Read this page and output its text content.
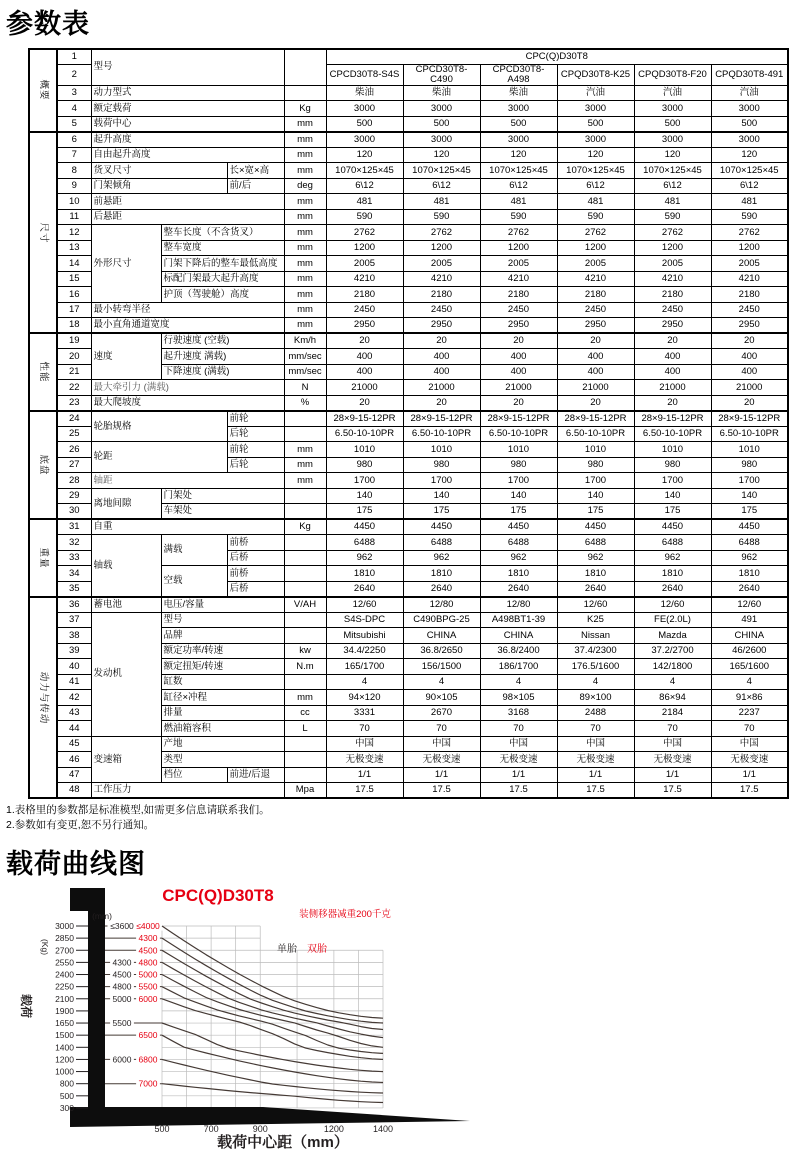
参数表
概要	1	型号				CPC(Q)D30T8					
	2					CPCD30T8-S4S	CPCD30T8-C490	CPCD30T8-A498	CPQD30T8-K25	CPQD30T8-F20	CPQD30T8-491
	3	动力型式				柴油	柴油	柴油	汽油	汽油	汽油
	4	额定载荷			Kg	3000	3000	3000	3000	3000	3000
	5	载荷中心			mm	500	500	500	500	500	500

尺寸	6	起升高度			mm	3000	3000	3000	3000	3000	3000
	7	自由起升高度			mm	120	120	120	120	120	120
	8	货叉尺寸		长×宽×高	mm	1070×125×45	1070×125×45	1070×125×45	1070×125×45	1070×125×45	1070×125×45
	9	门架倾角		前/后	deg	6\12	6\12	6\12	6\12	6\12	6\12
	10	前悬距			mm	481	481	481	481	481	481
	11	后悬距			mm	590	590	590	590	590	590
	12	外形尺寸	整车长度（不含货叉）		mm	2762	2762	2762	2762	2762	2762
	13		整车宽度		mm	1200	1200	1200	1200	1200	1200
	14		门架下降后的整车最低高度		mm	2005	2005	2005	2005	2005	2005
	15		标配门架最大起升高度		mm	4210	4210	4210	4210	4210	4210
	16		护顶（驾驶舱）高度		mm	2180	2180	2180	2180	2180	2180
	17	最小转弯半径			mm	2450	2450	2450	2450	2450	2450
	18	最小直角通道宽度			mm	2950	2950	2950	2950	2950	2950

性能	19	速度	行驶速度 (空载)		Km/h	20	20	20	20	20	20
	20		起升速度 满载)		mm/sec	400	400	400	400	400	400
	21		下降速度 (满载)		mm/sec	400	400	400	400	400	400
	22	最大牵引力 (满载)			N	21000	21000	21000	21000	21000	21000
	23	最大爬坡度			%	20	20	20	20	20	20

底盘	24	轮胎规格		前轮		28×9-15-12PR	28×9-15-12PR	28×9-15-12PR	28×9-15-12PR	28×9-15-12PR	28×9-15-12PR
	25			后轮		6.50-10-10PR	6.50-10-10PR	6.50-10-10PR	6.50-10-10PR	6.50-10-10PR	6.50-10-10PR
	26	轮距		前轮	mm	1010	1010	1010	1010	1010	1010
	27			后轮	mm	980	980	980	980	980	980
	28	轴距			mm	1700	1700	1700	1700	1700	1700
	29	离地间隙	门架处			140	140	140	140	140	140
	30		车架处			175	175	175	175	175	175

重量	31	自重			Kg	4450	4450	4450	4450	4450	4450
	32	轴载	满载	前桥		6488	6488	6488	6488	6488	6488
	33			后桥		962	962	962	962	962	962
	34		空载	前桥		1810	1810	1810	1810	1810	1810
	35			后桥		2640	2640	2640	2640	2640	2640

动力与传动	36	蓄电池	电压/容量		V/AH	12/60	12/80	12/80	12/60	12/60	12/60
	37	发动机	型号			S4S-DPC	C490BPG-25	A498BT1-39	K25	FE(2.0L)	491
	38		品牌			Mitsubishi	CHINA	CHINA	Nissan	Mazda	CHINA
	39		额定功率/转速		kw	34.4/2250	36.8/2650	36.8/2400	37.4/2300	37.2/2700	46/2600
	40		额定扭矩/转速		N.m	165/1700	156/1500	186/1700	176.5/1600	142/1800	165/1600
	41		缸数			4	4	4	4	4	4
	42		缸径×冲程		mm	94×120	90×105	98×105	89×100	86×94	91×86
	43		排量		cc	3331	2670	3168	2488	2184	2237
	44		燃油箱容积		L	70	70	70	70	70	70
	45	变速箱	产地			中国	中国	中国	中国	中国	中国
	46		类型			无极变速	无极变速	无极变速	无极变速	无极变速	无极变速
	47		档位	前进/后退		1/1	1/1	1/1	1/1	1/1	1/1
	48	工作压力			Mpa	17.5	17.5	17.5	17.5	17.5	17.5
1.表格里的参数都是标准模型,如需更多信息请联系我们。
2.参数如有变更,恕不另行通知。
载荷曲线图
3000
2850
2700
2550
2400
2250
2100
1900
1650
1500
1400
1200
1000
800
500
300
(mm)
(Kg)
载荷
≤3600 ≤4000
4300
4500
4300 4800
4500 5000
4800 5500
5000 6000
5500
6500
6000 6800
7000
500	700	900	1200	1400
载荷中心距（mm）
CPC(Q)D30T8
装侧移器减重200千克
单胎 双胎
